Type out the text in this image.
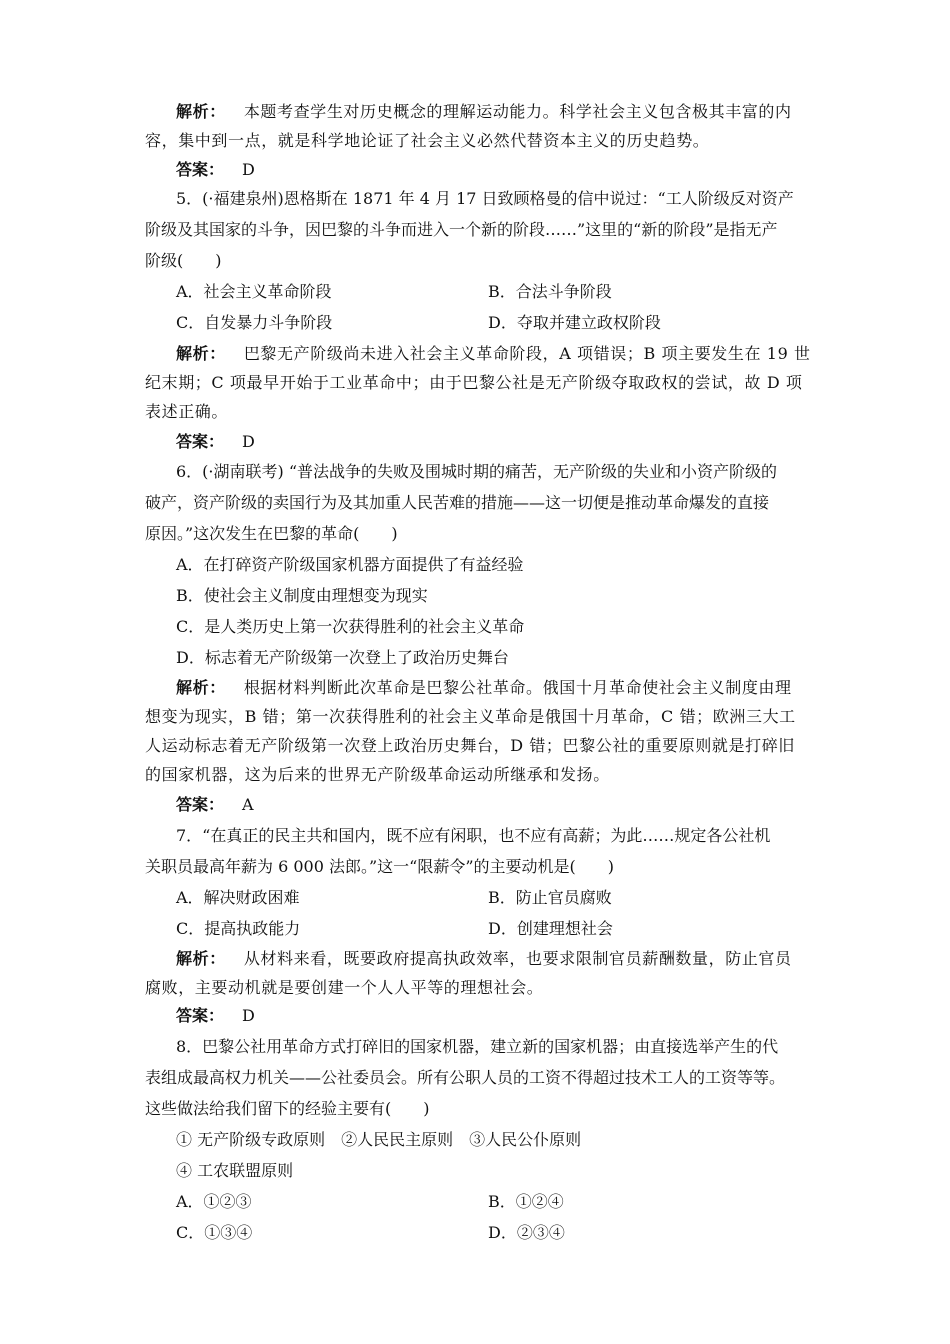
解析： 本题考查学生对历史概念的理解运动能力。科学社会主义包含极其丰富的内
容，集中到一点，就是科学地论证了社会主义必然代替资本主义的历史趋势。
答案： D
5．(·福建泉州)恩格斯在 1871 年 4 月 17 日致顾格曼的信中说过：“工人阶级反对资产
阶级及其国家的斗争，因巴黎的斗争而进入一个新的阶段……”这里的“新的阶段”是指无产
阶级(　　)
A．社会主义革命阶段	B．合法斗争阶段
C．自发暴力斗争阶段	D．夺取并建立政权阶段
解析： 巴黎无产阶级尚未进入社会主义革命阶段，A 项错误；B 项主要发生在 19 世
纪末期；C 项最早开始于工业革命中；由于巴黎公社是无产阶级夺取政权的尝试，故 D 项
表述正确。
答案： D
6．(·湖南联考) “普法战争的失败及围城时期的痛苦，无产阶级的失业和小资产阶级的
破产，资产阶级的卖国行为及其加重人民苦难的措施——这一切便是推动革命爆发的直接
原因。”这次发生在巴黎的革命(　　)
A．在打碎资产阶级国家机器方面提供了有益经验
B．使社会主义制度由理想变为现实
C．是人类历史上第一次获得胜利的社会主义革命
D．标志着无产阶级第一次登上了政治历史舞台
解析： 根据材料判断此次革命是巴黎公社革命。俄国十月革命使社会主义制度由理
想变为现实，B 错；第一次获得胜利的社会主义革命是俄国十月革命，C 错；欧洲三大工
人运动标志着无产阶级第一次登上政治历史舞台，D 错；巴黎公社的重要原则就是打碎旧
的国家机器，这为后来的世界无产阶级革命运动所继承和发扬。
答案： A
7．“在真正的民主共和国内，既不应有闲职，也不应有高薪；为此……规定各公社机
关职员最高年薪为 6 000 法郎。”这一“限薪令”的主要动机是(　　)
A．解决财政困难	B．防止官员腐败
C．提高执政能力	D．创建理想社会
解析： 从材料来看，既要政府提高执政效率，也要求限制官员薪酬数量，防止官员
腐败，主要动机就是要创建一个人人平等的理想社会。
答案： D
8．巴黎公社用革命方式打碎旧的国家机器，建立新的国家机器；由直接选举产生的代
表组成最高权力机关——公社委员会。所有公职人员的工资不得超过技术工人的工资等等。
这些做法给我们留下的经验主要有(　　)
① 无产阶级专政原则　②人民民主原则　③人民公仆原则
④ 工农联盟原则
A．①②③	B．①②④
C．①③④	D．②③④
